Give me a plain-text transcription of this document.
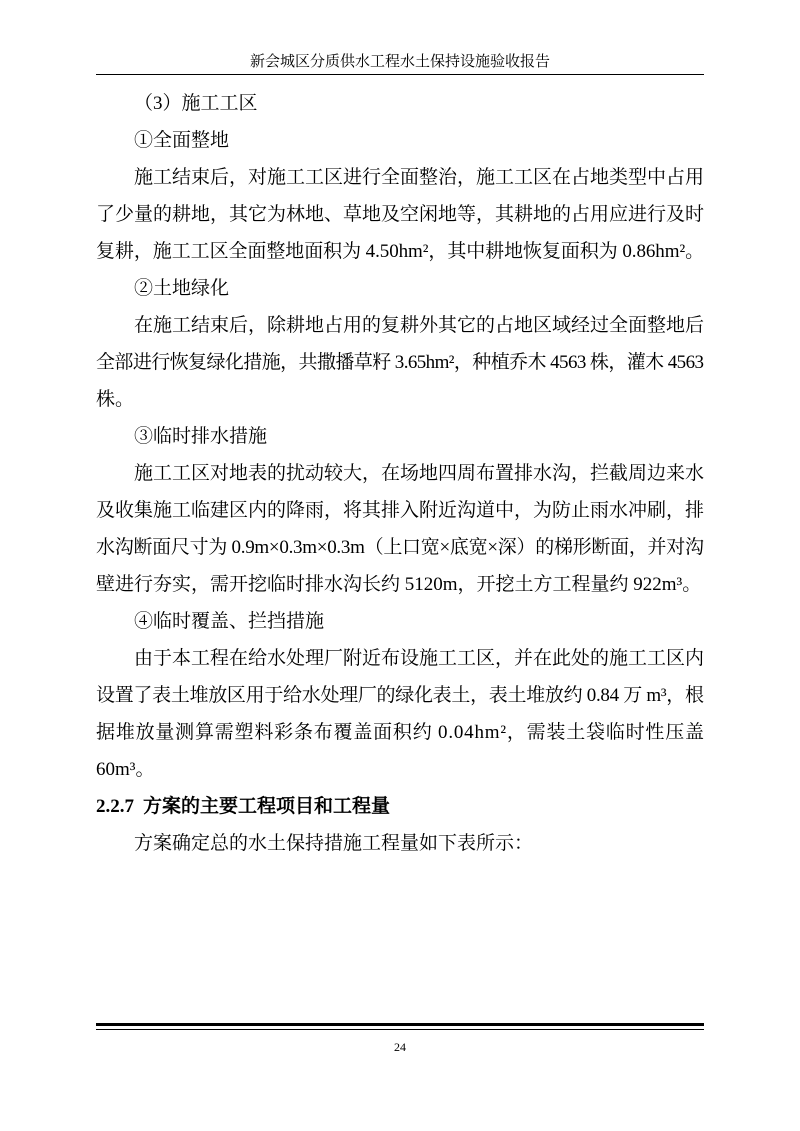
新会城区分质供水工程水土保持设施验收报告
（3）施工工区
①全面整地
施工结束后，对施工工区进行全面整治，施工工区在占地类型中占用
了少量的耕地，其它为林地、草地及空闲地等，其耕地的占用应进行及时
复耕，施工工区全面整地面积为 4.50hm²，其中耕地恢复面积为 0.86hm²。
②土地绿化
在施工结束后，除耕地占用的复耕外其它的占地区域经过全面整地后
全部进行恢复绿化措施，共撒播草籽 3.65hm²，种植乔木 4563 株，灌木 4563
株。
③临时排水措施
施工工区对地表的扰动较大，在场地四周布置排水沟，拦截周边来水
及收集施工临建区内的降雨，将其排入附近沟道中，为防止雨水冲刷，排
水沟断面尺寸为 0.9m×0.3m×0.3m（上口宽×底宽×深）的梯形断面，并对沟
壁进行夯实，需开挖临时排水沟长约 5120m，开挖土方工程量约 922m³。
④临时覆盖、拦挡措施
由于本工程在给水处理厂附近布设施工工区，并在此处的施工工区内
设置了表土堆放区用于给水处理厂的绿化表土，表土堆放约 0.84 万 m³，根
据堆放量测算需塑料彩条布覆盖面积约 0.04hm²，需装土袋临时性压盖
60m³。
2.2.7 方案的主要工程项目和工程量
方案确定总的水土保持措施工程量如下表所示：
24
